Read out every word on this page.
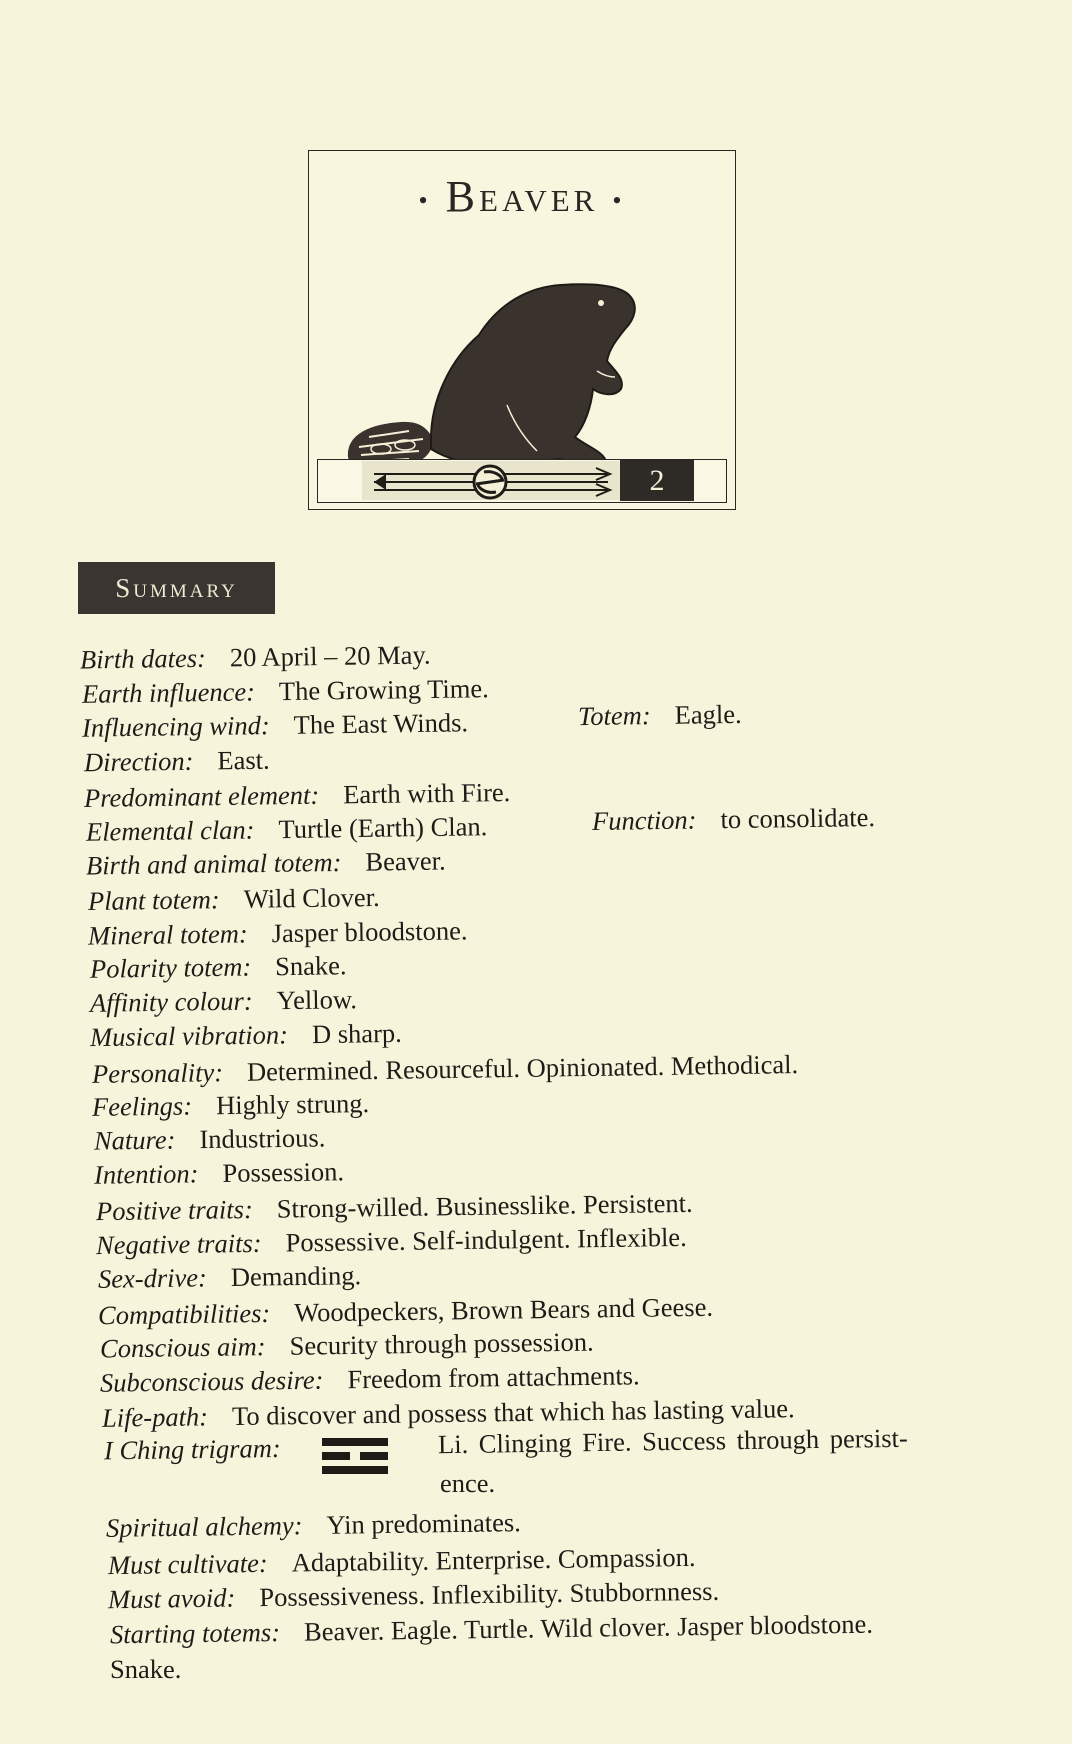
• Beaver •
2
Summary
Birth dates: 20 April – 20 May.
Earth influence: The Growing Time.
Influencing wind: The East Winds.	Totem: Eagle.
Direction: East.
Predominant element: Earth with Fire.
Elemental clan: Turtle (Earth) Clan.	Function: to consolidate.
Birth and animal totem: Beaver.
Plant totem: Wild Clover.
Mineral totem: Jasper bloodstone.
Polarity totem: Snake.
Affinity colour: Yellow.
Musical vibration: D sharp.
Personality: Determined. Resourceful. Opinionated. Methodical.
Feelings: Highly strung.
Nature: Industrious.
Intention: Possession.
Positive traits: Strong-willed. Businesslike. Persistent.
Negative traits: Possessive. Self-indulgent. Inflexible.
Sex-drive: Demanding.
Compatibilities: Woodpeckers, Brown Bears and Geese.
Conscious aim: Security through possession.
Subconscious desire: Freedom from attachments.
Life-path: To discover and possess that which has lasting value.
I Ching trigram:	Li. Clinging Fire. Success through persist-
ence.
Spiritual alchemy: Yin predominates.
Must cultivate: Adaptability. Enterprise. Compassion.
Must avoid: Possessiveness. Inflexibility. Stubbornness.
Starting totems: Beaver. Eagle. Turtle. Wild clover. Jasper bloodstone.
Snake.
